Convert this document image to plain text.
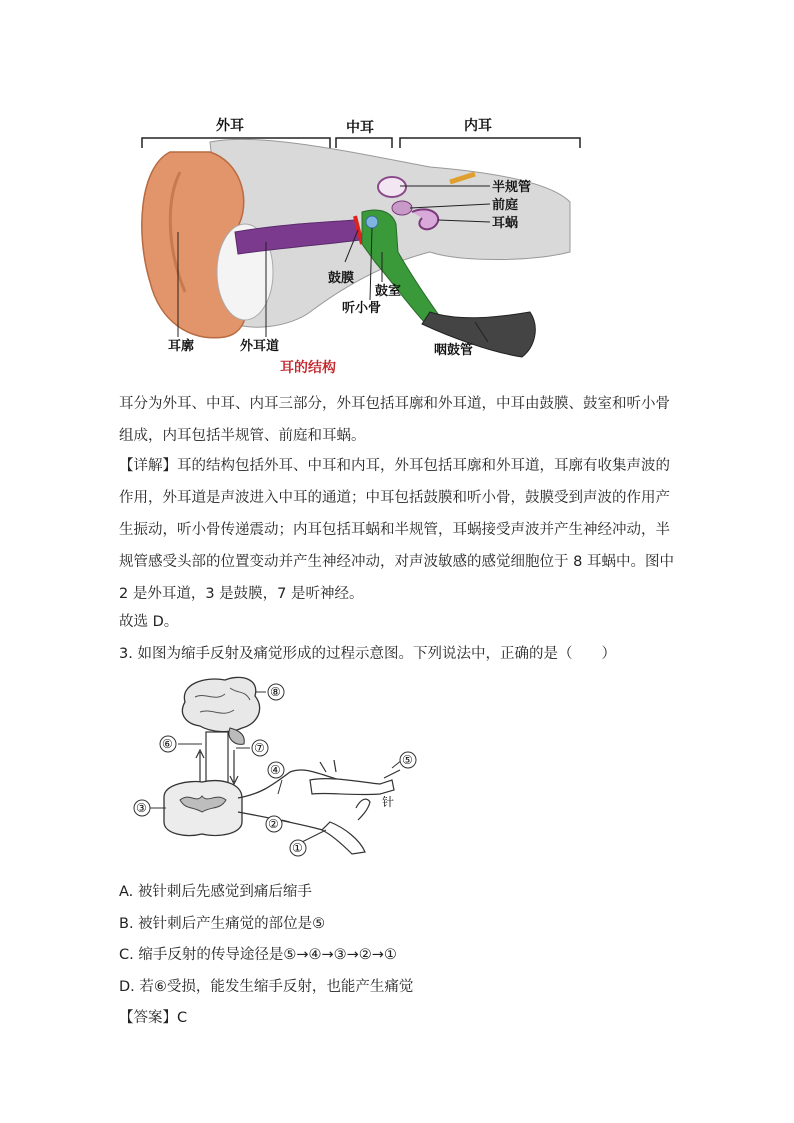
外耳	中耳	内耳
半规管
前庭
耳蜗
鼓膜
鼓室
听小骨
咽鼓管
耳廓	外耳道
耳的结构
耳分为外耳、中耳、内耳三部分，外耳包括耳廓和外耳道，中耳由鼓膜、鼓室和听小骨组成，内耳包括半规管、前庭和耳蜗。
【详解】耳的结构包括外耳、中耳和内耳，外耳包括耳廓和外耳道，耳廓有收集声波的作用，外耳道是声波进入中耳的通道；中耳包括鼓膜和听小骨，鼓膜受到声波的作用产生振动，听小骨传递震动；内耳包括耳蜗和半规管，耳蜗接受声波并产生神经冲动，半规管感受头部的位置变动并产生神经冲动，对声波敏感的感觉细胞位于 8 耳蜗中。图中 2 是外耳道，3 是鼓膜，7 是听神经。
故选 D。
3. 如图为缩手反射及痛觉形成的过程示意图。下列说法中，正确的是（　　）
⑧
⑥	⑦
④
③
②
①
⑤
针
A. 被针刺后先感觉到痛后缩手
B. 被针刺后产生痛觉的部位是⑤
C. 缩手反射的传导途径是⑤→④→③→②→①
D. 若⑥受损，能发生缩手反射，也能产生痛觉
【答案】C
